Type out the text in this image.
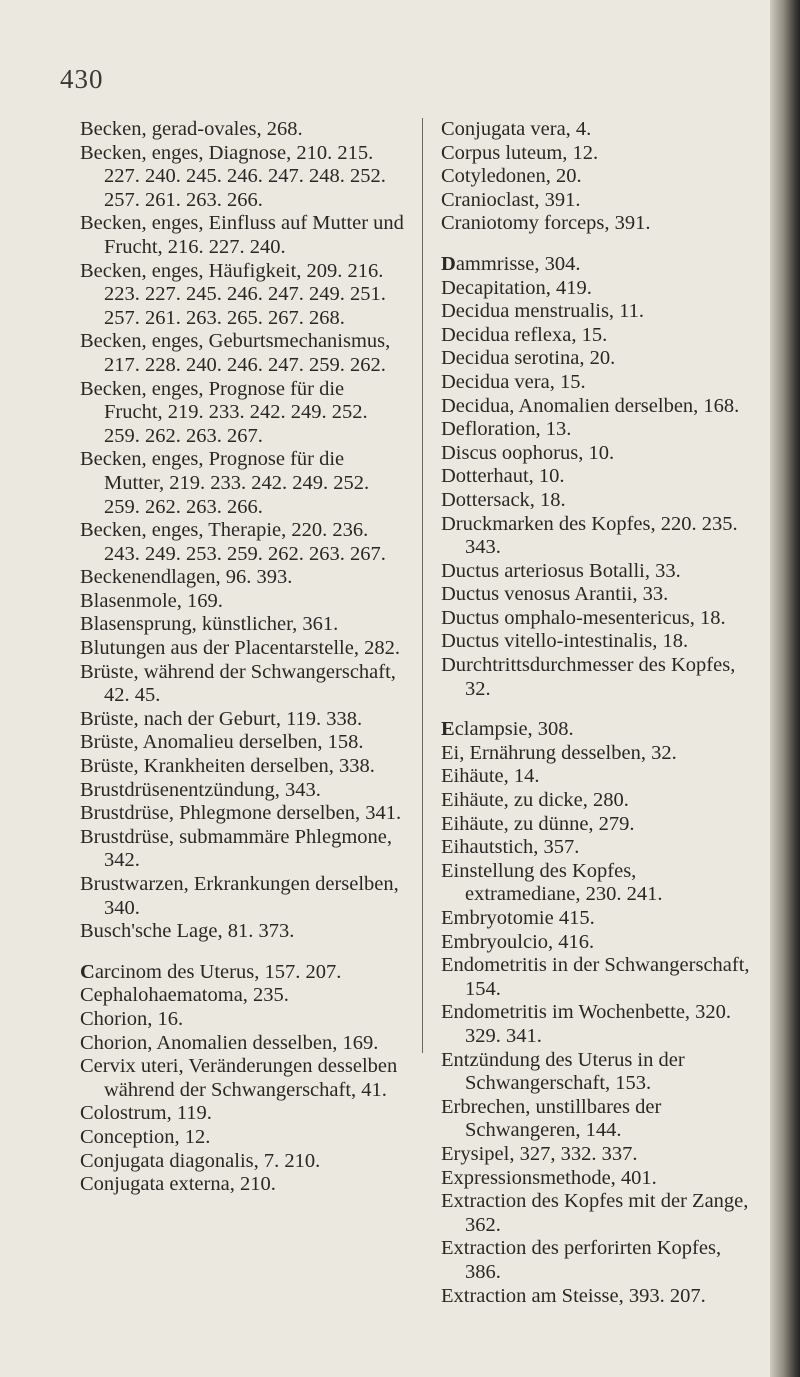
430

Becken, gerad-ovales, 268.

Becken, enges, Diagnose, 210. 215. 227. 240. 245. 246. 247. 248. 252. 257. 261. 263. 266.

Becken, enges, Einfluss auf Mutter und Frucht, 216. 227. 240.

Becken, enges, Häufigkeit, 209. 216. 223. 227. 245. 246. 247. 249. 251. 257. 261. 263. 265. 267. 268.

Becken, enges, Geburtsmechanismus, 217. 228. 240. 246. 247. 259. 262.

Becken, enges, Prognose für die Frucht, 219. 233. 242. 249. 252. 259. 262. 263. 267.

Becken, enges, Prognose für die Mutter, 219. 233. 242. 249. 252. 259. 262. 263. 266.

Becken, enges, Therapie, 220. 236. 243. 249. 253. 259. 262. 263. 267.

Beckenendlagen, 96. 393.

Blasenmole, 169.

Blasensprung, künstlicher, 361.

Blutungen aus der Placentarstelle, 282.

Brüste, während der Schwangerschaft, 42. 45.

Brüste, nach der Geburt, 119. 338.

Brüste, Anomalieu derselben, 158.

Brüste, Krankheiten derselben, 338.

Brustdrüsenentzündung, 343.

Brustdrüse, Phlegmone derselben, 341.

Brustdrüse, submammäre Phlegmone, 342.

Brustwarzen, Erkrankungen derselben, 340.

Busch'sche Lage, 81. 373.

Carcinom des Uterus, 157. 207.

Cephalohaematoma, 235.

Chorion, 16.

Chorion, Anomalien desselben, 169.

Cervix uteri, Veränderungen desselben während der Schwangerschaft, 41.

Colostrum, 119.

Conception, 12.

Conjugata diagonalis, 7. 210.

Conjugata externa, 210.

Conjugata vera, 4.

Corpus luteum, 12.

Cotyledonen, 20.

Cranioclast, 391.

Craniotomy forceps, 391.

Dammrisse, 304.

Decapitation, 419.

Decidua menstrualis, 11.

Decidua reflexa, 15.

Decidua serotina, 20.

Decidua vera, 15.

Decidua, Anomalien derselben, 168.

Defloration, 13.

Discus oophorus, 10.

Dotterhaut, 10.

Dottersack, 18.

Druckmarken des Kopfes, 220. 235. 343.

Ductus arteriosus Botalli, 33.

Ductus venosus Arantii, 33.

Ductus omphalo-mesentericus, 18.

Ductus vitello-intestinalis, 18.

Durchtrittsdurchmesser des Kopfes, 32.

Eclampsie, 308.

Ei, Ernährung desselben, 32.

Eihäute, 14.

Eihäute, zu dicke, 280.

Eihäute, zu dünne, 279.

Eihautstich, 357.

Einstellung des Kopfes, extramediane, 230. 241.

Embryotomie 415.

Embryoulcio, 416.

Endometritis in der Schwangerschaft, 154.

Endometritis im Wochenbette, 320. 329. 341.

Entzündung des Uterus in der Schwangerschaft, 153.

Erbrechen, unstillbares der Schwangeren, 144.

Erysipel, 327, 332. 337.

Expressionsmethode, 401.

Extraction des Kopfes mit der Zange, 362.

Extraction des perforirten Kopfes, 386.

Extraction am Steisse, 393. 207.
